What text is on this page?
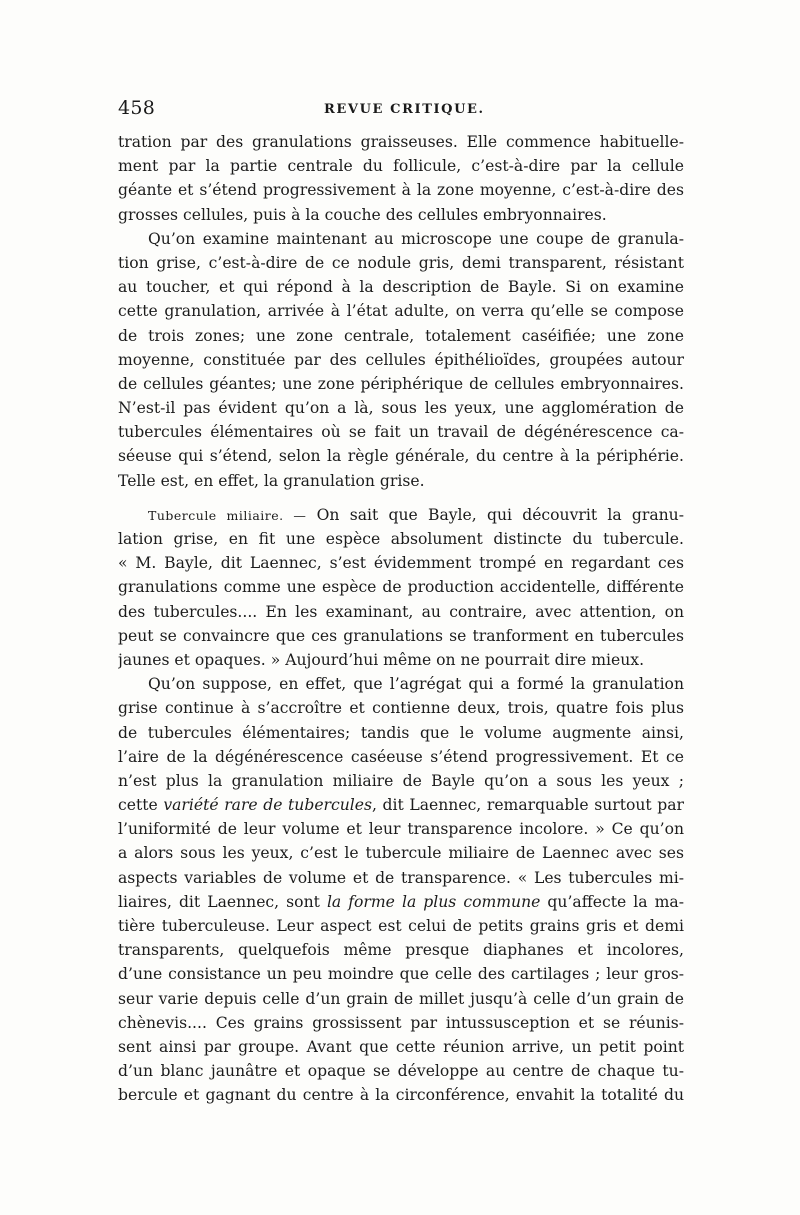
458	REVUE CRITIQUE.
tration par des granulations graisseuses. Elle commence habituelle-
ment par la partie centrale du follicule, c’est-à-dire par la cellule
géante et s’étend progressivement à la zone moyenne, c’est-à-dire des
grosses cellules, puis à la couche des cellules embryonnaires.
Qu’on examine maintenant au microscope une coupe de granula-
tion grise, c’est-à-dire de ce nodule gris, demi transparent, résistant
au toucher, et qui répond à la description de Bayle. Si on examine
cette granulation, arrivée à l’état adulte, on verra qu’elle se compose
de trois zones; une zone centrale, totalement caséifiée; une zone
moyenne, constituée par des cellules épithélioïdes, groupées autour
de cellules géantes; une zone périphérique de cellules embryonnaires.
N’est-il pas évident qu’on a là, sous les yeux, une agglomération de
tubercules élémentaires où se fait un travail de dégénérescence ca-
séeuse qui s’étend, selon la règle générale, du centre à la périphérie.
Telle est, en effet, la granulation grise.
Tubercule miliaire. — On sait que Bayle, qui découvrit la granu-
lation grise, en fit une espèce absolument distincte du tubercule.
« M. Bayle, dit Laennec, s’est évidemment trompé en regardant ces
granulations comme une espèce de production accidentelle, différente
des tubercules.... En les examinant, au contraire, avec attention, on
peut se convaincre que ces granulations se tranforment en tubercules
jaunes et opaques. » Aujourd’hui même on ne pourrait dire mieux.
Qu’on suppose, en effet, que l’agrégat qui a formé la granulation
grise continue à s’accroître et contienne deux, trois, quatre fois plus
de tubercules élémentaires; tandis que le volume augmente ainsi,
l’aire de la dégénérescence caséeuse s’étend progressivement. Et ce
n’est plus la granulation miliaire de Bayle qu’on a sous les yeux ;
cette variété rare de tubercules, dit Laennec, remarquable surtout par
l’uniformité de leur volume et leur transparence incolore. » Ce qu’on
a alors sous les yeux, c’est le tubercule miliaire de Laennec avec ses
aspects variables de volume et de transparence. « Les tubercules mi-
liaires, dit Laennec, sont la forme la plus commune qu’affecte la ma-
tière tuberculeuse. Leur aspect est celui de petits grains gris et demi
transparents, quelquefois même presque diaphanes et incolores,
d’une consistance un peu moindre que celle des cartilages ; leur gros-
seur varie depuis celle d’un grain de millet jusqu’à celle d’un grain de
chènevis.... Ces grains grossissent par intussusception et se réunis-
sent ainsi par groupe. Avant que cette réunion arrive, un petit point
d’un blanc jaunâtre et opaque se développe au centre de chaque tu-
bercule et gagnant du centre à la circonférence, envahit la totalité du
